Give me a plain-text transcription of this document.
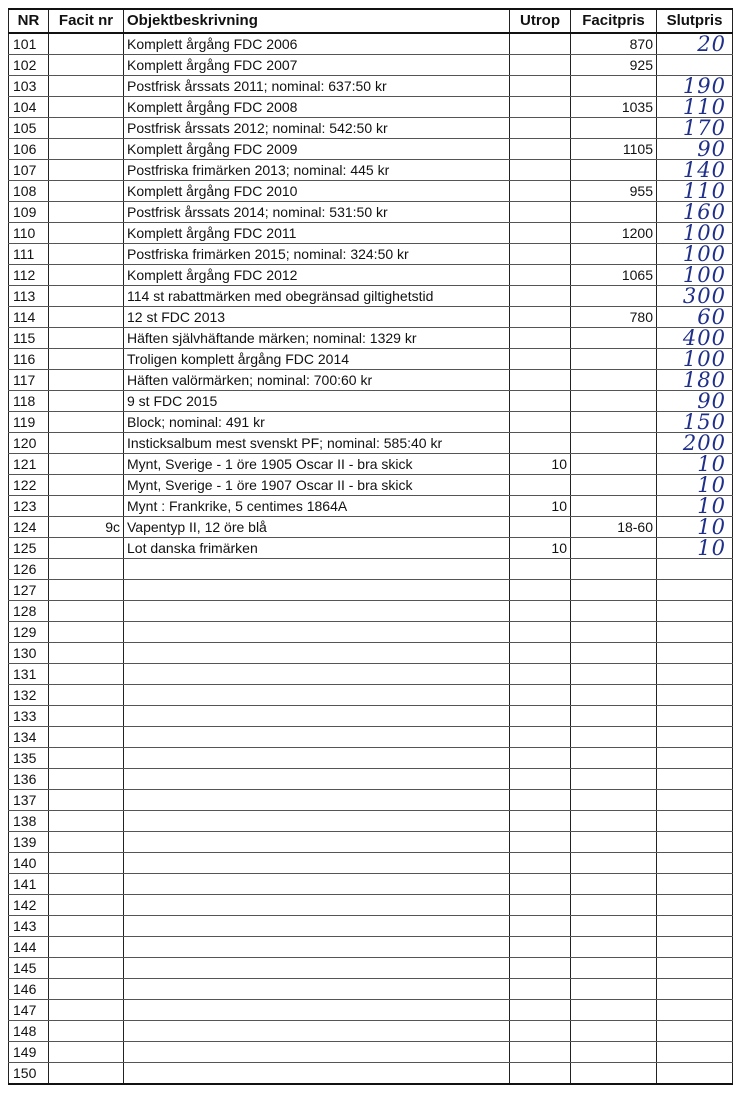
NR	Facit nr	Objektbeskrivning	Utrop	Facitpris	Slutpris
101		Komplett årgång FDC 2006		870	20
102		Komplett årgång FDC 2007		925	
103		Postfrisk årssats 2011; nominal: 637:50 kr			190
104		Komplett årgång FDC 2008		1035	110
105		Postfrisk årssats 2012; nominal: 542:50 kr			170
106		Komplett årgång FDC 2009		1105	90
107		Postfriska frimärken 2013; nominal: 445 kr			140
108		Komplett årgång FDC 2010		955	110
109		Postfrisk årssats 2014; nominal: 531:50 kr			160
110		Komplett årgång FDC 2011		1200	100
111		Postfriska frimärken 2015; nominal: 324:50 kr			100
112		Komplett årgång FDC 2012		1065	100
113		114 st rabattmärken med obegränsad giltighetstid			300
114		12 st FDC 2013		780	60
115		Häften självhäftande märken; nominal: 1329 kr			400
116		Troligen komplett årgång FDC 2014			100
117		Häften valörmärken; nominal: 700:60 kr			180
118		9 st FDC 2015			90
119		Block; nominal: 491 kr			150
120		Insticksalbum mest svenskt PF; nominal: 585:40 kr			200
121		Mynt, Sverige - 1 öre 1905 Oscar II - bra skick	10		10
122		Mynt, Sverige - 1 öre 1907 Oscar II - bra skick			10
123		Mynt : Frankrike, 5 centimes 1864A	10		10
124	9c	Vapentyp II, 12 öre blå		18-60	10
125		Lot danska frimärken	10		10
126					
127					
128					
129					
130					
131					
132					
133					
134					
135					
136					
137					
138					
139					
140					
141					
142					
143					
144					
145					
146					
147					
148					
149					
150					
